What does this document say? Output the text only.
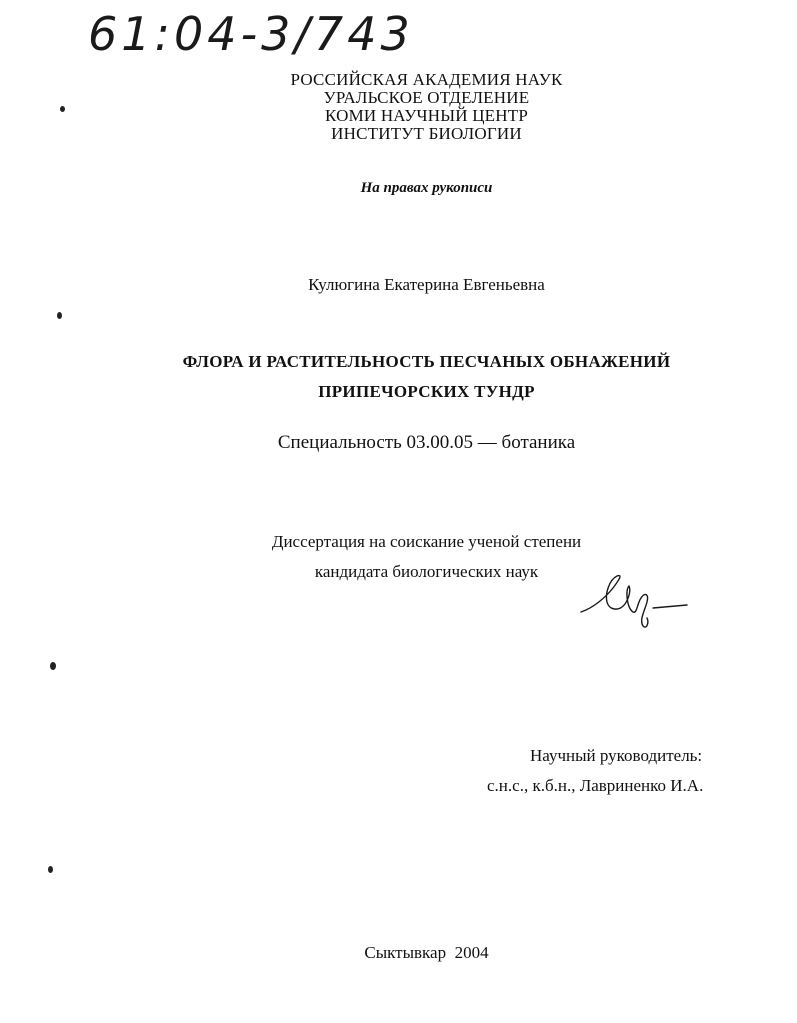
61:04-3/743
РОССИЙСКАЯ АКАДЕМИЯ НАУК
УРАЛЬСКОЕ ОТДЕЛЕНИЕ
КОМИ НАУЧНЫЙ ЦЕНТР
ИНСТИТУТ БИОЛОГИИ
На правах рукописи
Кулюгина Екатерина Евгеньевна
ФЛОРА И РАСТИТЕЛЬНОСТЬ ПЕСЧАНЫХ ОБНАЖЕНИЙ
ПРИПЕЧОРСКИХ ТУНДР
Специальность 03.00.05 — ботаника
Диссертация на соискание ученой степени
кандидата биологических наук
Научный руководитель:
с.н.с., к.б.н., Лавриненко И.А.
Сыктывкар  2004
